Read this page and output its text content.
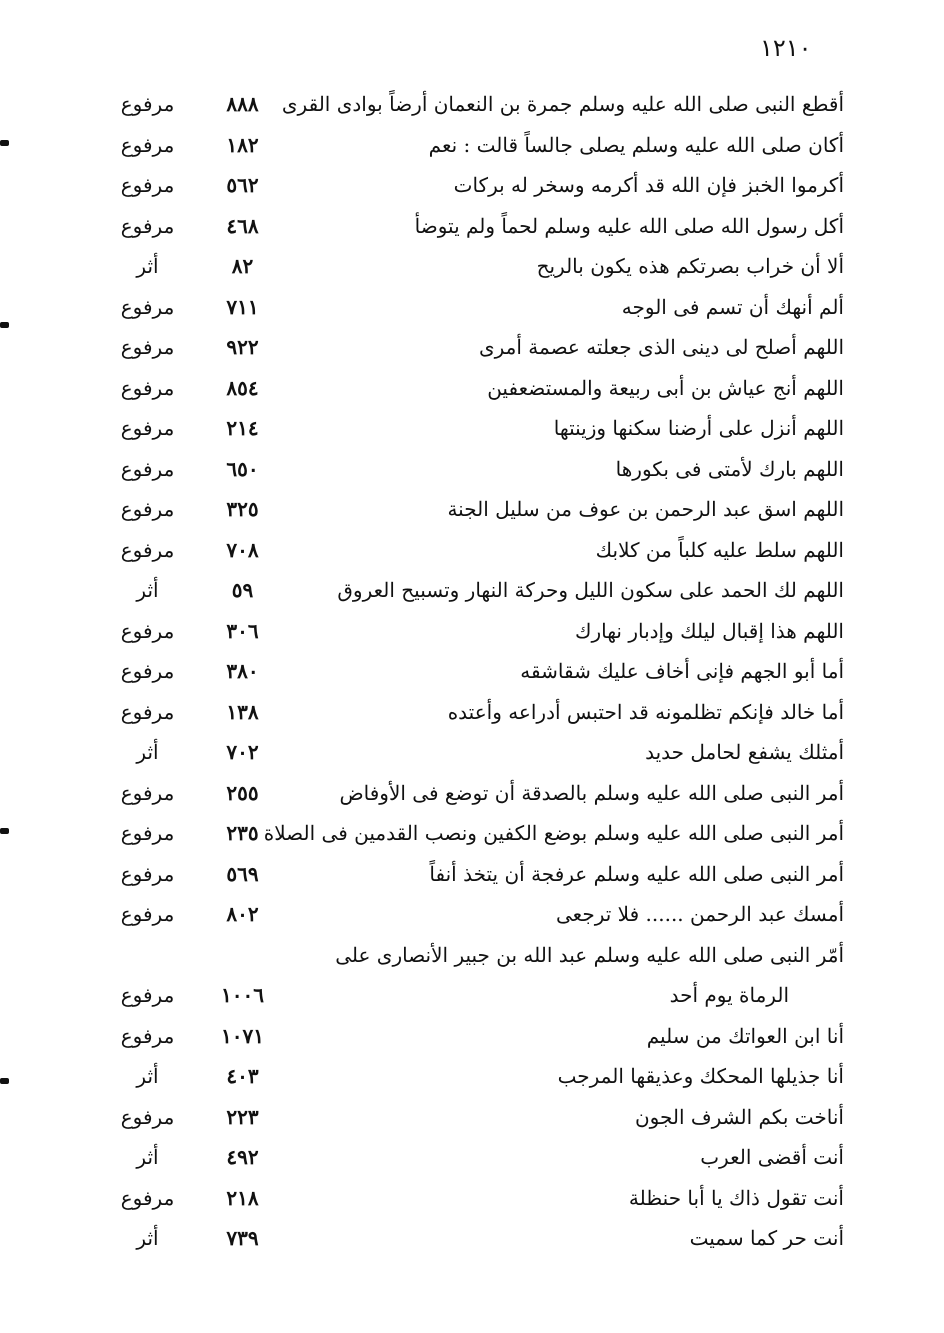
١٢١٠
أقطع النبى صلى الله عليه وسلم جمرة بن النعمان أرضاً بوادى القرى
٨٨٨
مرفوع
أكان صلى الله عليه وسلم يصلى جالساً قالت : نعم
١٨٢
مرفوع
أكرموا الخبز فإن الله قد أكرمه وسخر له بركات
٥٦٢
مرفوع
أكل رسول الله صلى الله عليه وسلم لحماً ولم يتوضأ
٤٦٨
مرفوع
ألا أن خراب بصرتكم هذه يكون بالريح
٨٢
أثر
ألم أنهك أن تسم فى الوجه
٧١١
مرفوع
اللهم أصلح لى دينى الذى جعلته عصمة أمرى
٩٢٢
مرفوع
اللهم أنج عياش بن أبى ربيعة والمستضعفين
٨٥٤
مرفوع
اللهم أنزل على أرضنا سكنها وزينتها
٢١٤
مرفوع
اللهم بارك لأمتى فى بكورها
٦٥٠
مرفوع
اللهم اسق عبد الرحمن بن عوف من سليل الجنة
٣٢٥
مرفوع
اللهم سلط عليه كلباً من كلابك
٧٠٨
مرفوع
اللهم لك الحمد على سكون الليل وحركة النهار وتسبيح العروق
٥٩
أثر
اللهم هذا إقبال ليلك وإدبار نهارك
٣٠٦
مرفوع
أما أبو الجهم فإنى أخاف عليك شقاشقه
٣٨٠
مرفوع
أما خالد فإنكم تظلمونه قد احتبس أدراعه وأعتده
١٣٨
مرفوع
أمثلك يشفع لحامل حديد
٧٠٢
أثر
أمر النبى صلى الله عليه وسلم بالصدقة أن توضع فى الأوفاض
٢٥٥
مرفوع
أمر النبى صلى الله عليه وسلم بوضع الكفين ونصب القدمين فى الصلاة
٢٣٥
مرفوع
أمر النبى صلى الله عليه وسلم عرفجة أن يتخذ أنفاً
٥٦٩
مرفوع
أمسك عبد الرحمن ...... فلا ترجعى
٨٠٢
مرفوع
أمّر النبى صلى الله عليه وسلم عبد الله بن جبير الأنصارى على
الرماة يوم أحد
١٠٠٦
مرفوع
أنا ابن العواتك من سليم
١٠٧١
مرفوع
أنا جذيلها المحكك وعذيقها المرجب
٤٠٣
أثر
أناخت بكم الشرف الجون
٢٢٣
مرفوع
أنت أقضى العرب
٤٩٢
أثر
أنت تقول ذاك يا أبا حنظلة
٢١٨
مرفوع
أنت حر كما سميت
٧٣٩
أثر
